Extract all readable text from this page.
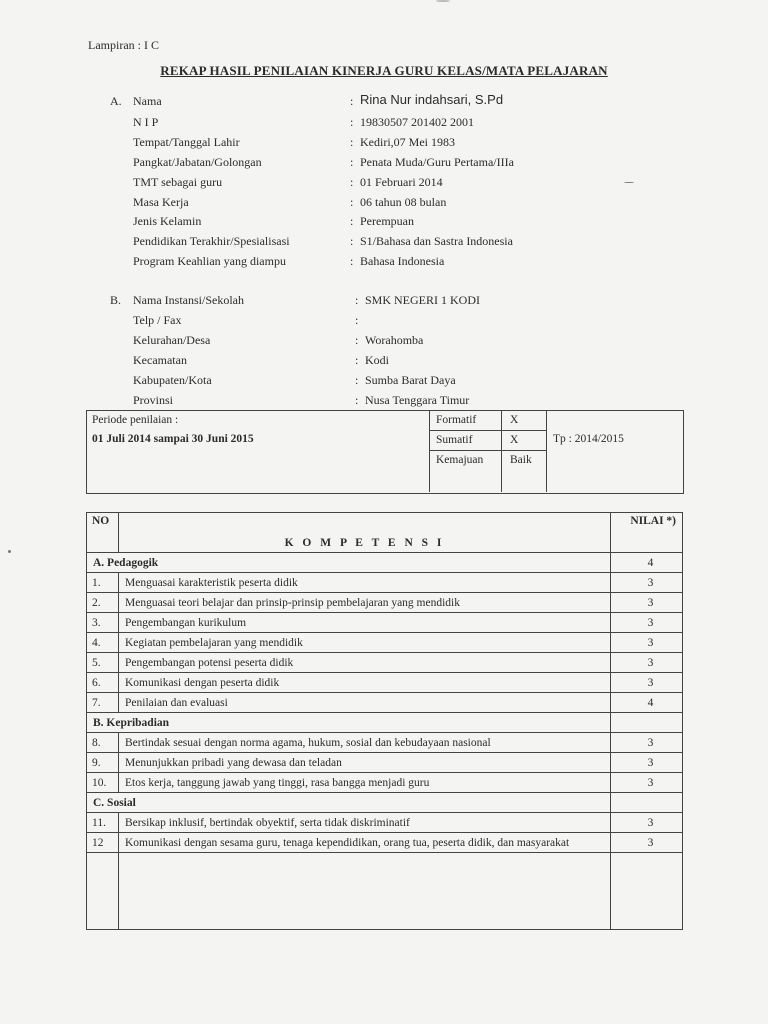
Lampiran : I C
REKAP HASIL PENILAIAN KINERJA GURU KELAS/MATA PELAJARAN
A. Nama	: Rina Nur indahsari, S.Pd
N I P	: 19830507 201402 2001
Tempat/Tanggal Lahir	: Kediri,07 Mei 1983
Pangkat/Jabatan/Golongan	: Penata Muda/Guru Pertama/IIIa
TMT sebagai guru	: 01 Februari 2014
Masa Kerja	: 06 tahun 08 bulan
Jenis Kelamin	: Perempuan
Pendidikan Terakhir/Spesialisasi	: S1/Bahasa dan Sastra Indonesia
Program Keahlian yang diampu	: Bahasa Indonesia
B. Nama Instansi/Sekolah	: SMK NEGERI 1 KODI
Telp / Fax	:
Kelurahan/Desa	: Worahomba
Kecamatan	: Kodi
Kabupaten/Kota	: Sumba Barat Daya
Provinsi	: Nusa Tenggara Timur
Periode penilaian :
01 Juli 2014 sampai 30 Juni 2015
Formatif	X
Sumatif	X
Kemajuan Baik
Tp : 2014/2015
NO	K O M P E T E N S I	NILAI *)
A. Pedagogik		4
1.	Menguasai karakteristik peserta didik	3
2.	Menguasai teori belajar dan prinsip-prinsip pembelajaran yang mendidik	3
3.	Pengembangan kurikulum	3
4.	Kegiatan pembelajaran yang mendidik	3
5.	Pengembangan potensi peserta didik	3
6.	Komunikasi dengan peserta didik	3
7.	Penilaian dan evaluasi	4
B. Kepribadian		
8.	Bertindak sesuai dengan norma agama, hukum, sosial dan kebudayaan nasional	3
9.	Menunjukkan pribadi yang dewasa dan teladan	3
10.	Etos kerja, tanggung jawab yang tinggi, rasa bangga menjadi guru	3
C. Sosial		
11.	Bersikap inklusif, bertindak obyektif, serta tidak diskriminatif	3
12	Komunikasi dengan sesama guru, tenaga kependidikan, orang tua, peserta didik, dan masyarakat	3
